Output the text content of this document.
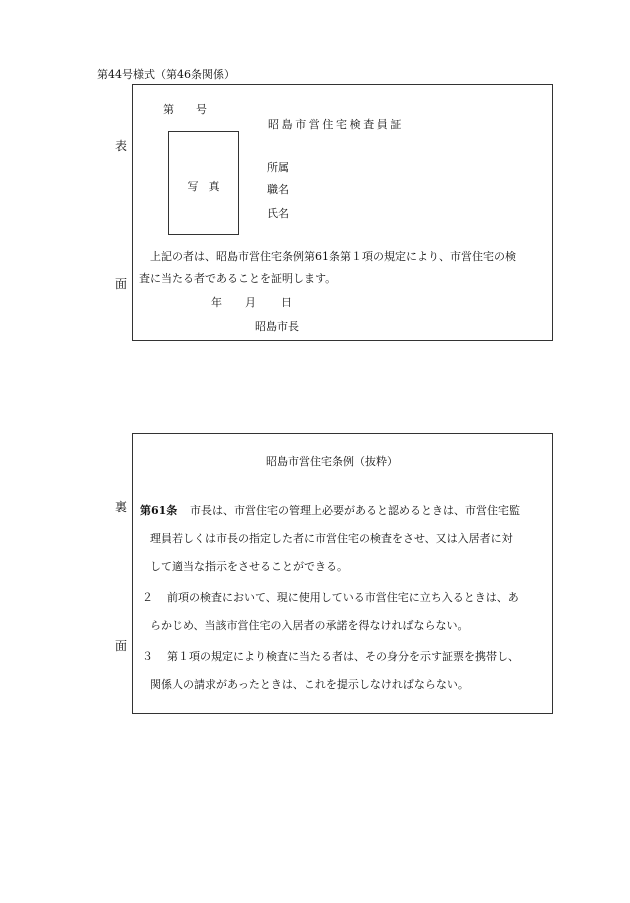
第44号様式（第46条関係）
表
面
第　　号
昭島市営住宅検査員証
写真
所属
職名
氏名
上記の者は、昭島市営住宅条例第61条第１項の規定により、市営住宅の検
査に当たる者であることを証明します。
年 月 日
昭島市長
裏
面
昭島市営住宅条例（抜粋）
第61条 市長は、市営住宅の管理上必要があると認めるときは、市営住宅監
理員若しくは市長の指定した者に市営住宅の検査をさせ、又は入居者に対
して適当な指示をさせることができる。
２ 前項の検査において、現に使用している市営住宅に立ち入るときは、あ
らかじめ、当該市営住宅の入居者の承諾を得なければならない。
３ 第１項の規定により検査に当たる者は、その身分を示す証票を携帯し、
関係人の請求があったときは、これを提示しなければならない。
